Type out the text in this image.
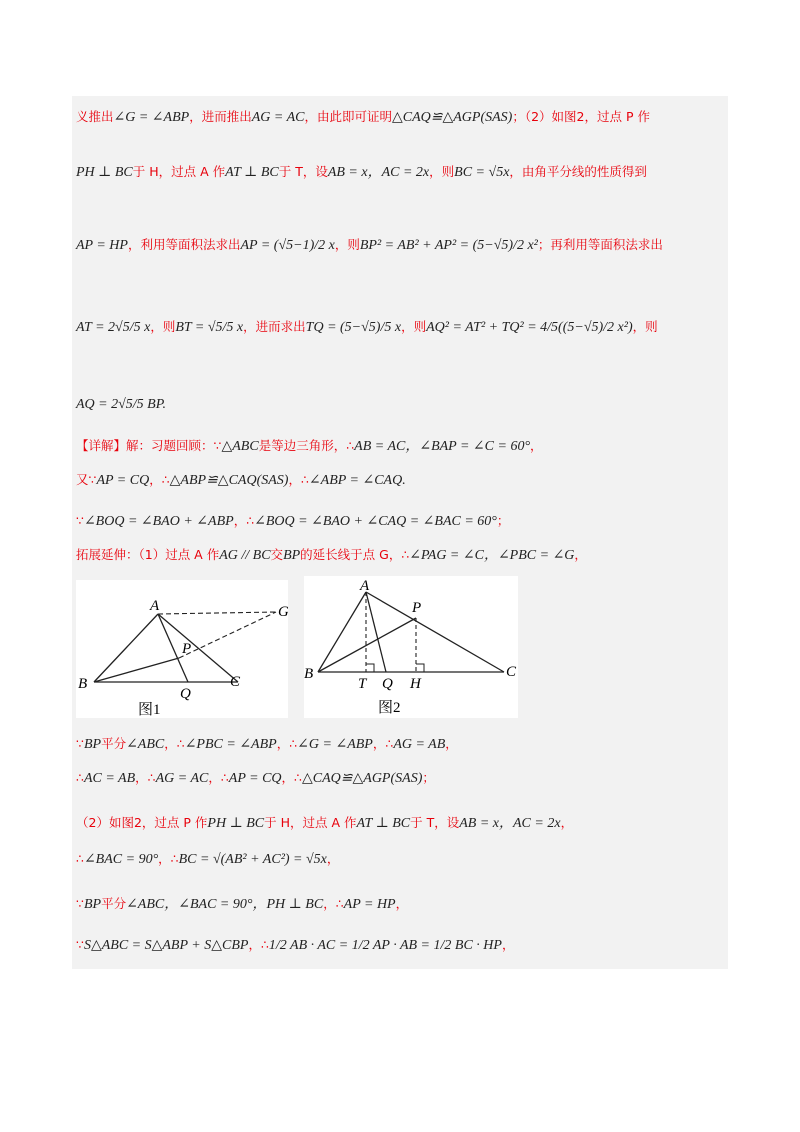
义推出∠G = ∠ABP，进而推出AG = AC，由此即可证明△CAQ≌△AGP(SAS)；（2）如图2，过点 P 作
PH ⊥ BC于 H，过点 A 作AT ⊥ BC于 T，设AB = x，AC = 2x，则BC = √5x，由角平分线的性质得到
AP = HP，利用等面积法求出AP = (√5−1)/2 x，则BP² = AB² + AP² = (5−√5)/2 x²；再利用等面积法求出
AT = 2√5/5 x，则BT = √5/5 x，进而求出TQ = (5−√5)/5 x，则AQ² = AT² + TQ² = 4/5((5−√5)/2 x²)，则
AQ = 2√5/5 BP.
【详解】解：习题回顾：∵△ABC是等边三角形，∴AB = AC，∠BAP = ∠C = 60°，
又∵AP = CQ，∴△ABP≌△CAQ(SAS)，∴∠ABP = ∠CAQ.
∵∠BOQ = ∠BAO + ∠ABP，∴∠BOQ = ∠BAO + ∠CAQ = ∠BAC = 60°；
拓展延伸：（1）过点 A 作AG // BC交BP的延长线于点 G，∴∠PAG = ∠C，∠PBC = ∠G，
∵BP平分∠ABC，∴∠PBC = ∠ABP，∴∠G = ∠ABP，∴AG = AB，
∴AC = AB，∴AG = AC，∴AP = CQ，∴△CAQ≌△AGP(SAS)；
（2）如图2，过点 P 作PH ⊥ BC于 H，过点 A 作AT ⊥ BC于 T，设AB = x，AC = 2x，
∴∠BAC = 90°，∴BC = √(AB² + AC²) = √5x，
∵BP平分∠ABC，∠BAC = 90°，PH ⊥ BC，∴AP = HP，
∵S△ABC = S△ABP + S△CBP，∴1/2 AB · AC = 1/2 AP · AB = 1/2 BC · HP，
A	G
P
B
Q
C
图1
A
P
B
T Q H
C
图2
